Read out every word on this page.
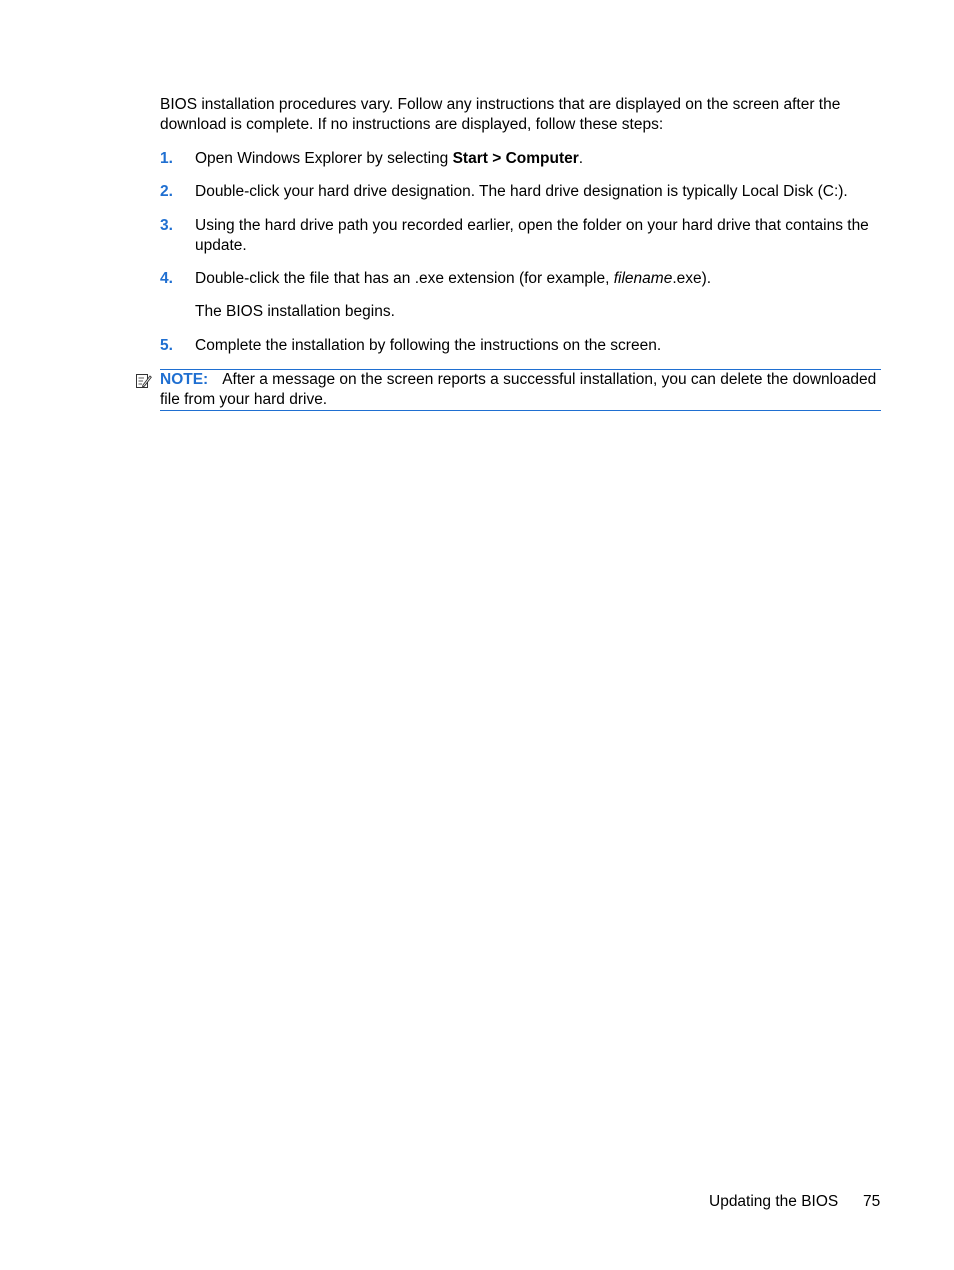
BIOS installation procedures vary. Follow any instructions that are displayed on the screen after the download is complete. If no instructions are displayed, follow these steps:

1. Open Windows Explorer by selecting Start > Computer.
2. Double-click your hard drive designation. The hard drive designation is typically Local Disk (C:).
3. Using the hard drive path you recorded earlier, open the folder on your hard drive that contains the update.
4. Double-click the file that has an .exe extension (for example, filename.exe).
The BIOS installation begins.
5. Complete the installation by following the instructions on the screen.
NOTE: After a message on the screen reports a successful installation, you can delete the downloaded file from your hard drive.
Updating the BIOS 75
